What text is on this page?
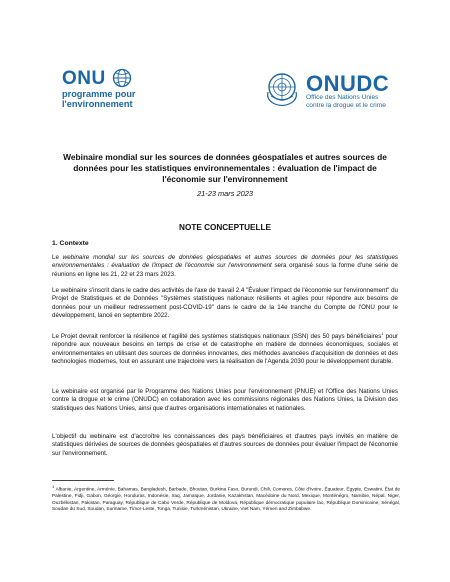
ONU
programme pour
l'environnement
ONUDC
Office des Nations Unies
contre la drogue et le crime
Webinaire mondial sur les sources de données géospatiales et autres sources de
données pour les statistiques environnementales : évaluation de l'impact de
l'économie sur l'environnement
21-23 mars 2023
NOTE CONCEPTUELLE
1. Contexte
Le webinaire mondial sur les sources de données géospatiales et autres sources de données pour les statistiques environnementales : évaluation de l'impact de l'économie sur l'environnement sera organisé sous la forme d'une série de réunions en ligne les 21, 22 et 23 mars 2023.
Le webinaire s'inscrit dans le cadre des activités de l'axe de travail 2.4 "Évaluer l'impact de l'économie sur l'environnement" du Projet de Statistiques et de Données "Systèmes statistiques nationaux résilients et agiles pour répondre aux besoins de données pour un meilleur redressement post-COVID-19" dans le cadre de la 14e tranche du Compte de l'ONU pour le développement, lancé en septembre 2022.
Le Projet devrait renforcer la résilience et l'agilité des systèmes statistiques nationaux (SSN) des 50 pays bénéficiaires$^1$ pour répondre aux nouveaux besoins en temps de crise et de catastrophe en matière de données économiques, sociales et environnementales en utilisant des sources de données innovantes, des méthodes avancées d'acquisition de données et des technologies modernes, tout en assurant une trajectoire vers la réalisation de l'Agenda 2030 pour le développement durable.
Le webinaire est organisé par le Programme des Nations Unies pour l'environnement (PNUE) et l'Office des Nations Unies contre la drogue et le crime (ONUDC) en collaboration avec les commissions régionales des Nations Unies, la Division des statistiques des Nations Unies, ainsi que d'autres organisations internationales et nationales.
L'objectif du webinaire est d'accroître les connaissances des pays bénéficiaires et d'autres pays invités en matière de statistiques dérivées de sources de données géospatiales et d'autres sources de données pour évaluer l'impact de l'économie sur l'environnement.
$^1$ Albanie, Argentine, Arménie, Bahamas, Bangladesh, Barbade, Bhoutan, Burkina Faso, Burundi, Chili, Comores, Côte d'Ivoire, Équateur, Égypte, Eswatini, État de Palestine, Fidji, Gabon, Géorgie, Honduras, Indonésie, Iraq, Jamaïque, Jordanie, Kazakhstan, Macédoine du Nord, Mexique, Monténégro, Namibie, Népal, Niger, Ouzbékistan, Pakistan, Paraguay, République de Cabo Verde, République de Moldova, République démocratique populaire lao, République Dominicaine, Sénégal, Soudan du Sud, Soudan, Suriname, Timor-Leste, Tonga, Tunisie, Turkménistan, Ukraine, Viet Nam, Yémen and Zimbabwe.
